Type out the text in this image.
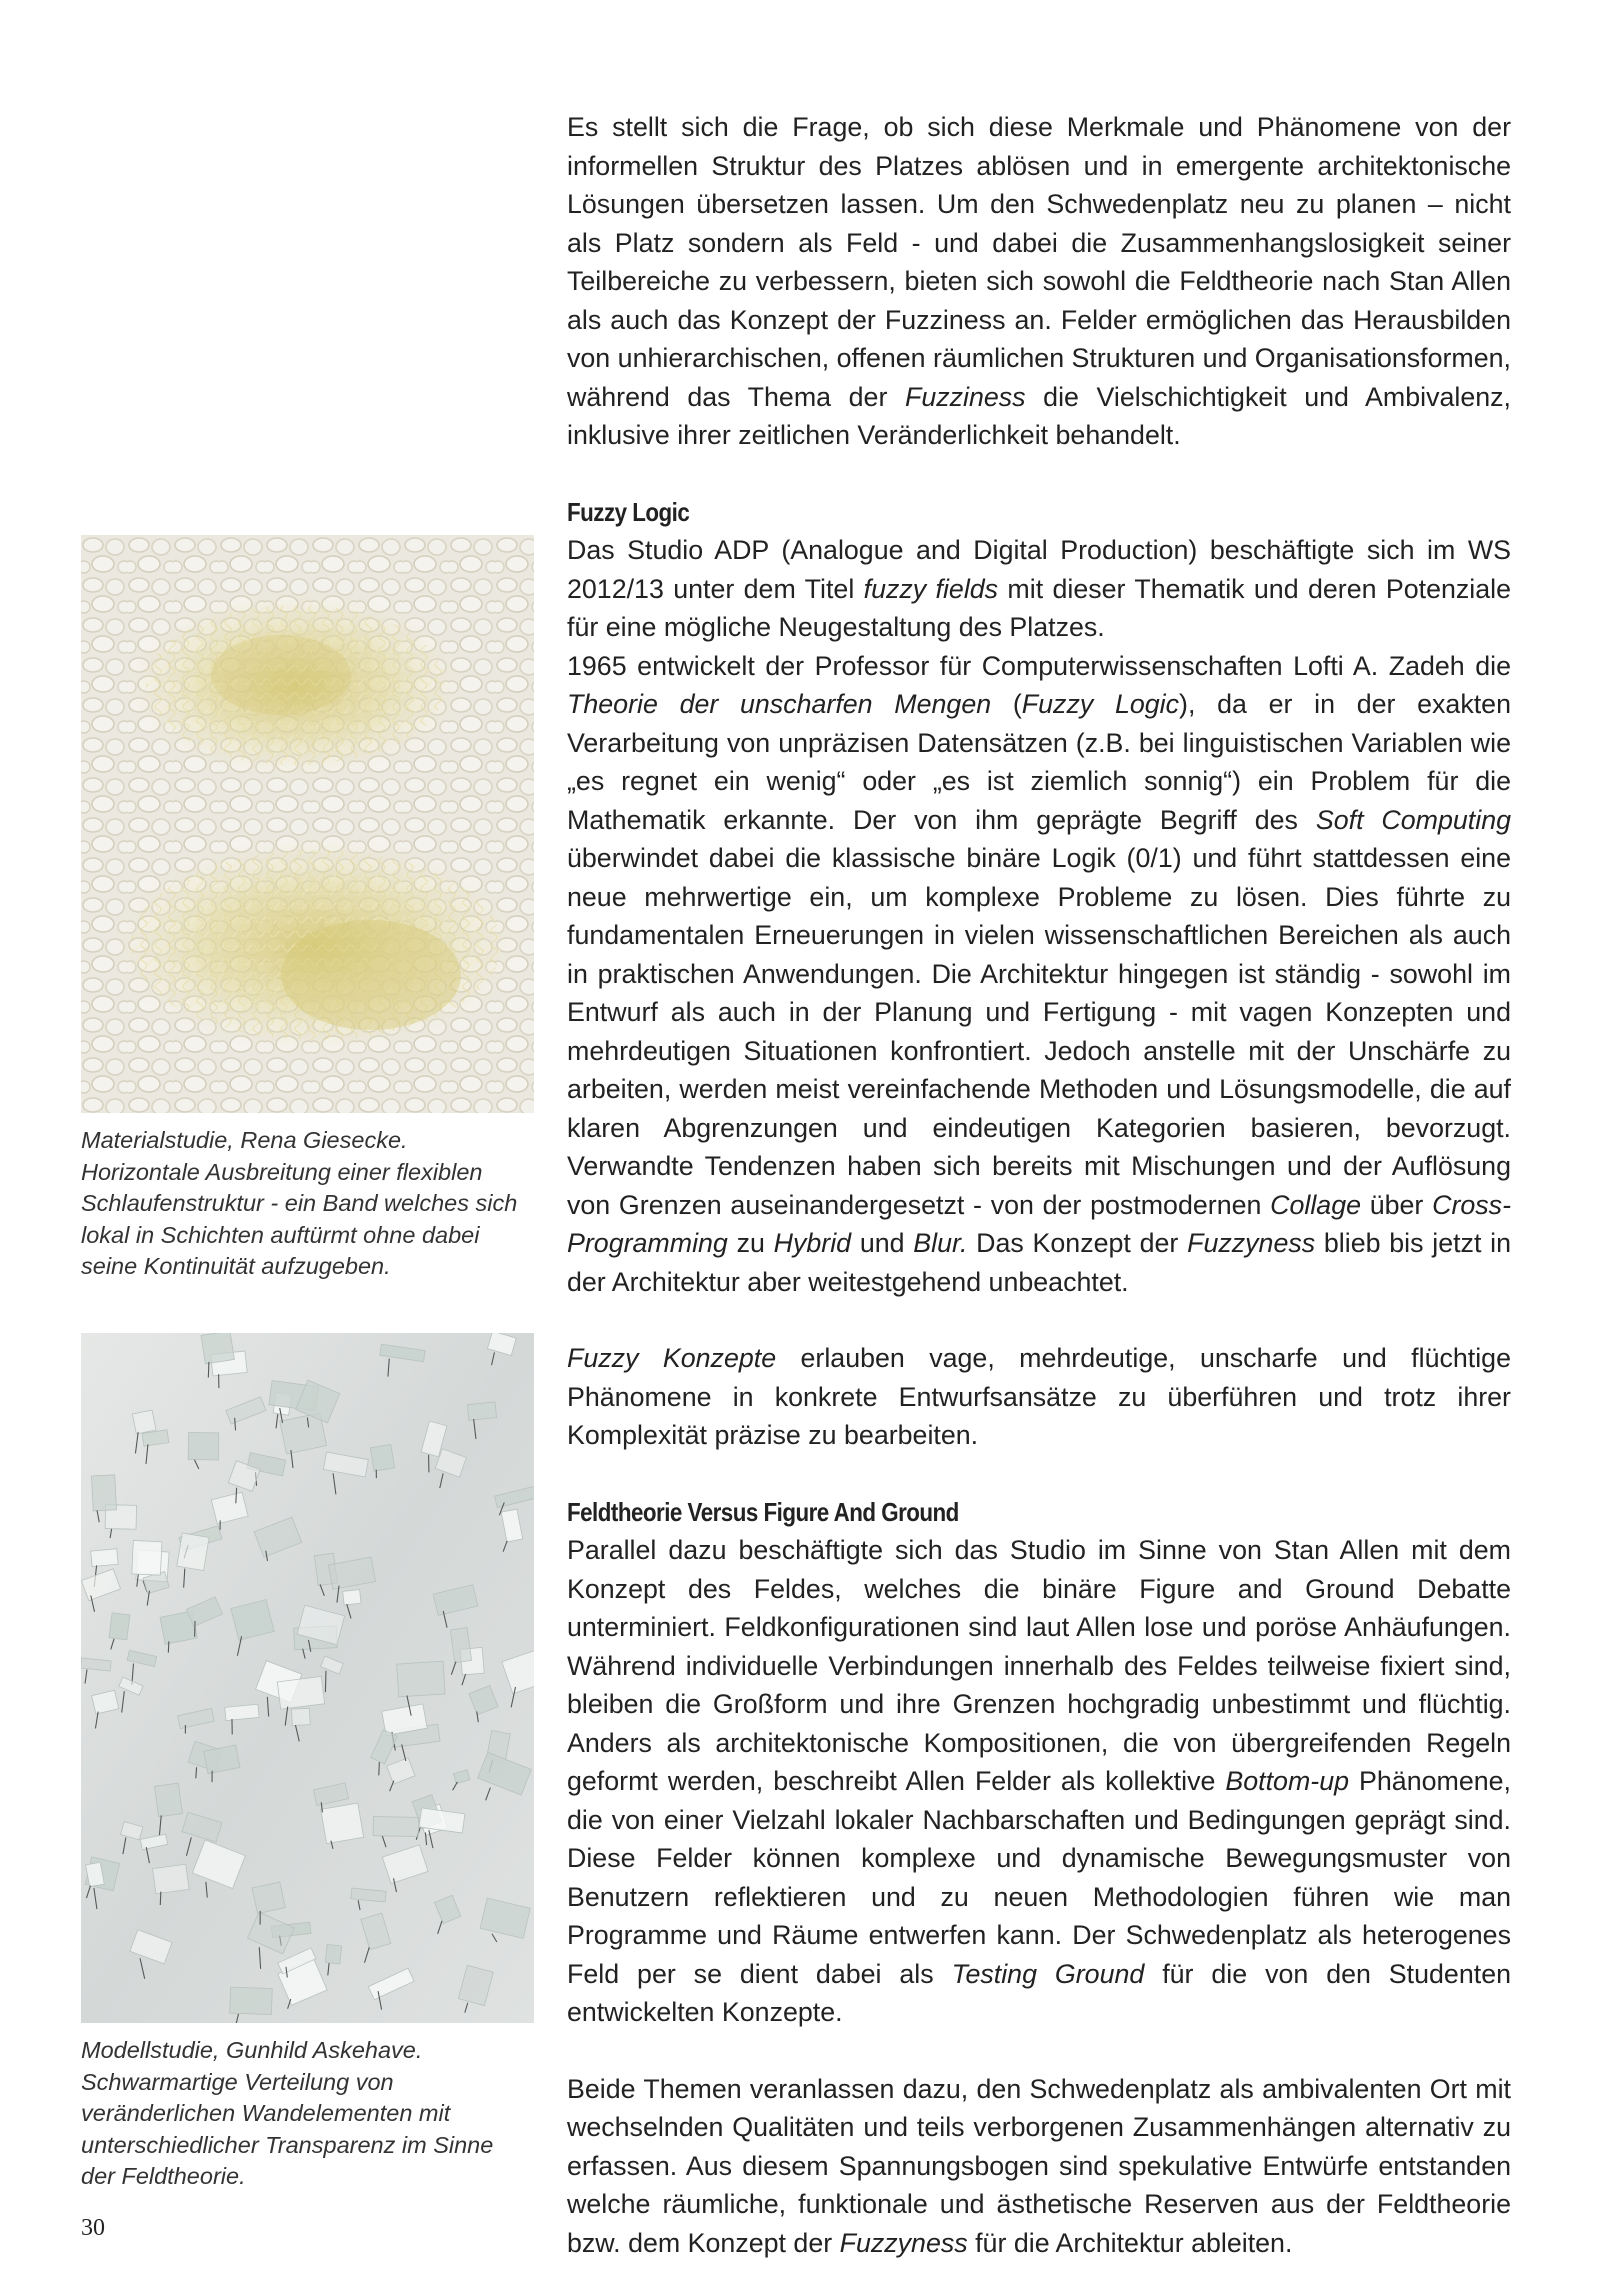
Es stellt sich die Frage, ob sich diese Merkmale und Phänomene von der informellen Struktur des Platzes ablösen und in emergente architektonische Lösungen übersetzen lassen. Um den Schwedenplatz neu zu planen – nicht als Platz sondern als Feld - und dabei die Zusammenhangslosigkeit seiner Teilbereiche zu verbessern, bieten sich sowohl die Feldtheorie nach Stan Allen als auch das Konzept der Fuzziness an. Felder ermöglichen das Herausbilden von unhierarchischen, offenen räumlichen Strukturen und Organisationsformen, während das Thema der Fuzziness die Vielschichtigkeit und Ambivalenz, inklusive ihrer zeitlichen Veränderlichkeit behandelt.

Fuzzy Logic

Das Studio ADP (Analogue and Digital Production) beschäftigte sich im WS 2012/13 unter dem Titel fuzzy fields mit dieser Thematik und deren Potenziale für eine mögliche Neugestaltung des Platzes.

1965 entwickelt der Professor für Computerwissenschaften Lofti A. Zadeh die Theorie der unscharfen Mengen (Fuzzy Logic), da er in der exakten Verarbeitung von unpräzisen Datensätzen (z.B. bei linguistischen Variablen wie „es regnet ein wenig“ oder „es ist ziemlich sonnig“) ein Problem für die Mathematik erkannte. Der von ihm geprägte Begriff des Soft Computing überwindet dabei die klassische binäre Logik (0/1) und führt stattdessen eine neue mehrwertige ein, um komplexe Probleme zu lösen. Dies führte zu fundamentalen Erneuerungen in vielen wissenschaftlichen Bereichen als auch in praktischen Anwendungen. Die Architektur hingegen ist ständig - sowohl im Entwurf als auch in der Planung und Fertigung - mit vagen Konzepten und mehrdeutigen Situationen konfrontiert. Jedoch anstelle mit der Unschärfe zu arbeiten, werden meist vereinfachende Methoden und Lösungsmodelle, die auf klaren Abgrenzungen und eindeutigen Kategorien basieren, bevorzugt. Verwandte Tendenzen haben sich bereits mit Mischungen und der Auflösung von Grenzen auseinandergesetzt - von der postmodernen Collage über Cross-Programming zu Hybrid und Blur. Das Konzept der Fuzzyness blieb bis jetzt in der Architektur aber weitestgehend unbeachtet.

Fuzzy Konzepte erlauben vage, mehrdeutige, unscharfe und flüchtige Phänomene in konkrete Entwurfsansätze zu überführen und trotz ihrer Komplexität präzise zu bearbeiten.

Feldtheorie Versus Figure And Ground

Parallel dazu beschäftigte sich das Studio im Sinne von Stan Allen mit dem Konzept des Feldes, welches die binäre Figure and Ground Debatte unterminiert. Feldkonfigurationen sind laut Allen lose und poröse Anhäufungen. Während individuelle Verbindungen innerhalb des Feldes teilweise fixiert sind, bleiben die Großform und ihre Grenzen hochgradig unbestimmt und flüchtig. Anders als architektonische Kompositionen, die von übergreifenden Regeln geformt werden, beschreibt Allen Felder als kollektive Bottom-up Phänomene, die von einer Vielzahl lokaler Nachbarschaften und Bedingungen geprägt sind. Diese Felder können komplexe und dynamische Bewegungsmuster von Benutzern reflektieren und zu neuen Methodologien führen wie man Programme und Räume entwerfen kann. Der Schwedenplatz als heterogenes Feld per se dient dabei als Testing Ground für die von den Studenten entwickelten Konzepte.

Beide Themen veranlassen dazu, den Schwedenplatz als ambivalenten Ort mit wechselnden Qualitäten und teils verborgenen Zusammenhängen alternativ zu erfassen. Aus diesem Spannungsbogen sind spekulative Entwürfe entstanden welche räumliche, funktionale und ästhetische Reserven aus der Feldtheorie bzw. dem Konzept der Fuzzyness für die Architektur ableiten.

Materialstudie, Rena Giesecke.
Horizontale Ausbreitung einer flexiblen
Schlaufenstruktur - ein Band welches sich
lokal in Schichten auftürmt ohne dabei
seine Kontinuität aufzugeben.
Modellstudie, Gunhild Askehave.
Schwarmartige Verteilung von
veränderlichen Wandelementen mit
unterschiedlicher Transparenz im Sinne
der Feldtheorie.
30
